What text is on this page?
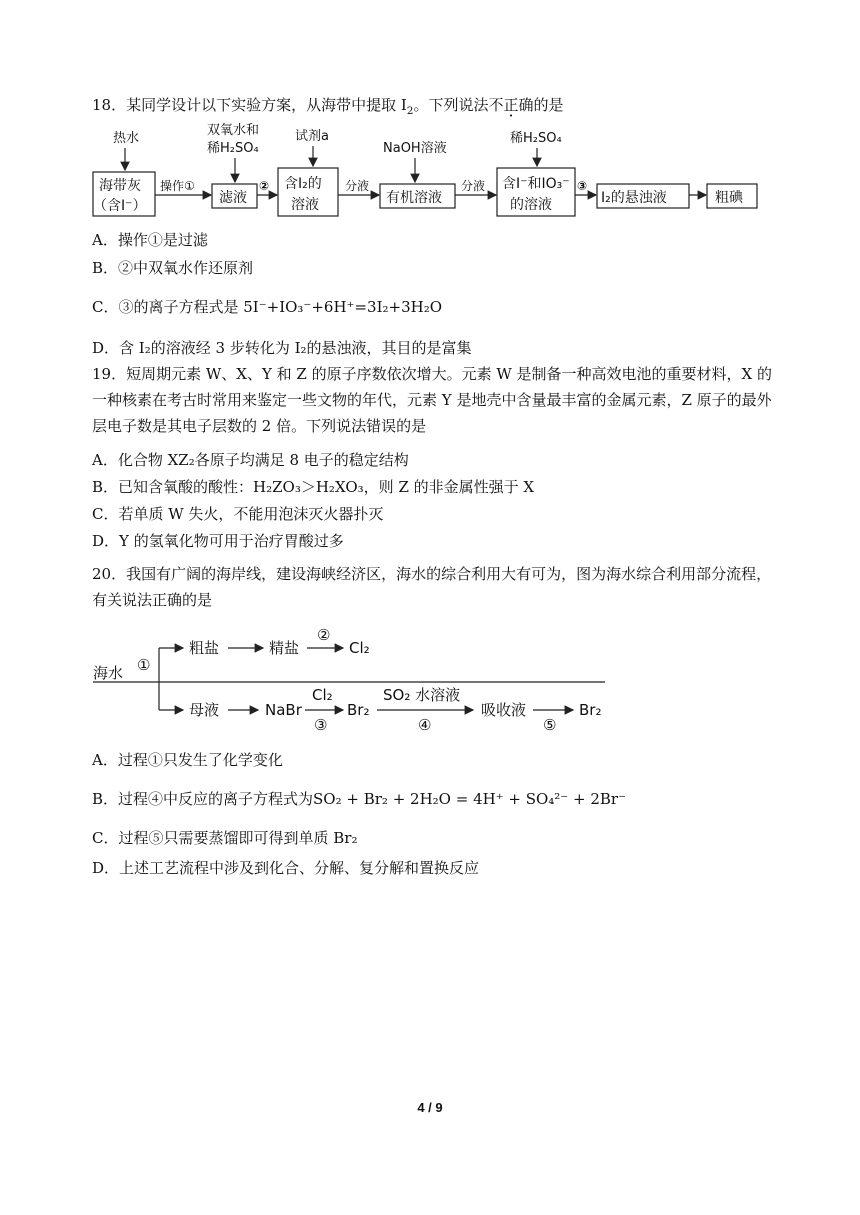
18．某同学设计以下实验方案，从海带中提取 $I_2$。下列说法不正确的是
热水
双氧水和
稀H₂SO₄
试剂a
NaOH溶液
稀H₂SO₄
海带灰
（含I⁻）	滤液
含I₂的
溶液	有机溶液
含I⁻和IO₃⁻
的溶液	I₂的悬浊液	粗碘
操作①	②	分液	分液	③
A．操作①是过滤
B．②中双氧水作还原剂
C．③的离子方程式是 5I⁻+IO₃⁻+6H⁺=3I₂+3H₂O
D．含 I₂的溶液经 3 步转化为 I₂的悬浊液，其目的是富集
19．短周期元素 W、X、Y 和 Z 的原子序数依次增大。元素 W 是制备一种高效电池的重要材料，X 的一种核素在考古时常用来鉴定一些文物的年代，元素 Y 是地壳中含量最丰富的金属元素，Z 原子的最外层电子数是其电子层数的 2 倍。下列说法错误的是
A．化合物 XZ₂各原子均满足 8 电子的稳定结构
B．已知含氧酸的酸性：H₂ZO₃＞H₂XO₃，则 Z 的非金属性强于 X
C．若单质 W 失火，不能用泡沫灭火器扑灭
D．Y 的氢氧化物可用于治疗胃酸过多
20．我国有广阔的海岸线，建设海峡经济区，海水的综合利用大有可为，图为海水综合利用部分流程，有关说法正确的是
海水 ①
粗盐	精盐
②
Cl₂
母液	NaBr
Cl₂
③
Br₂
SO₂ 水溶液
④
吸收液
⑤
Br₂
A．过程①只发生了化学变化
B．过程④中反应的离子方程式为SO₂ + Br₂ + 2H₂O = 4H⁺ + SO₄²⁻ + 2Br⁻
C．过程⑤只需要蒸馏即可得到单质 Br₂
D．上述工艺流程中涉及到化合、分解、复分解和置换反应
4 / 9
